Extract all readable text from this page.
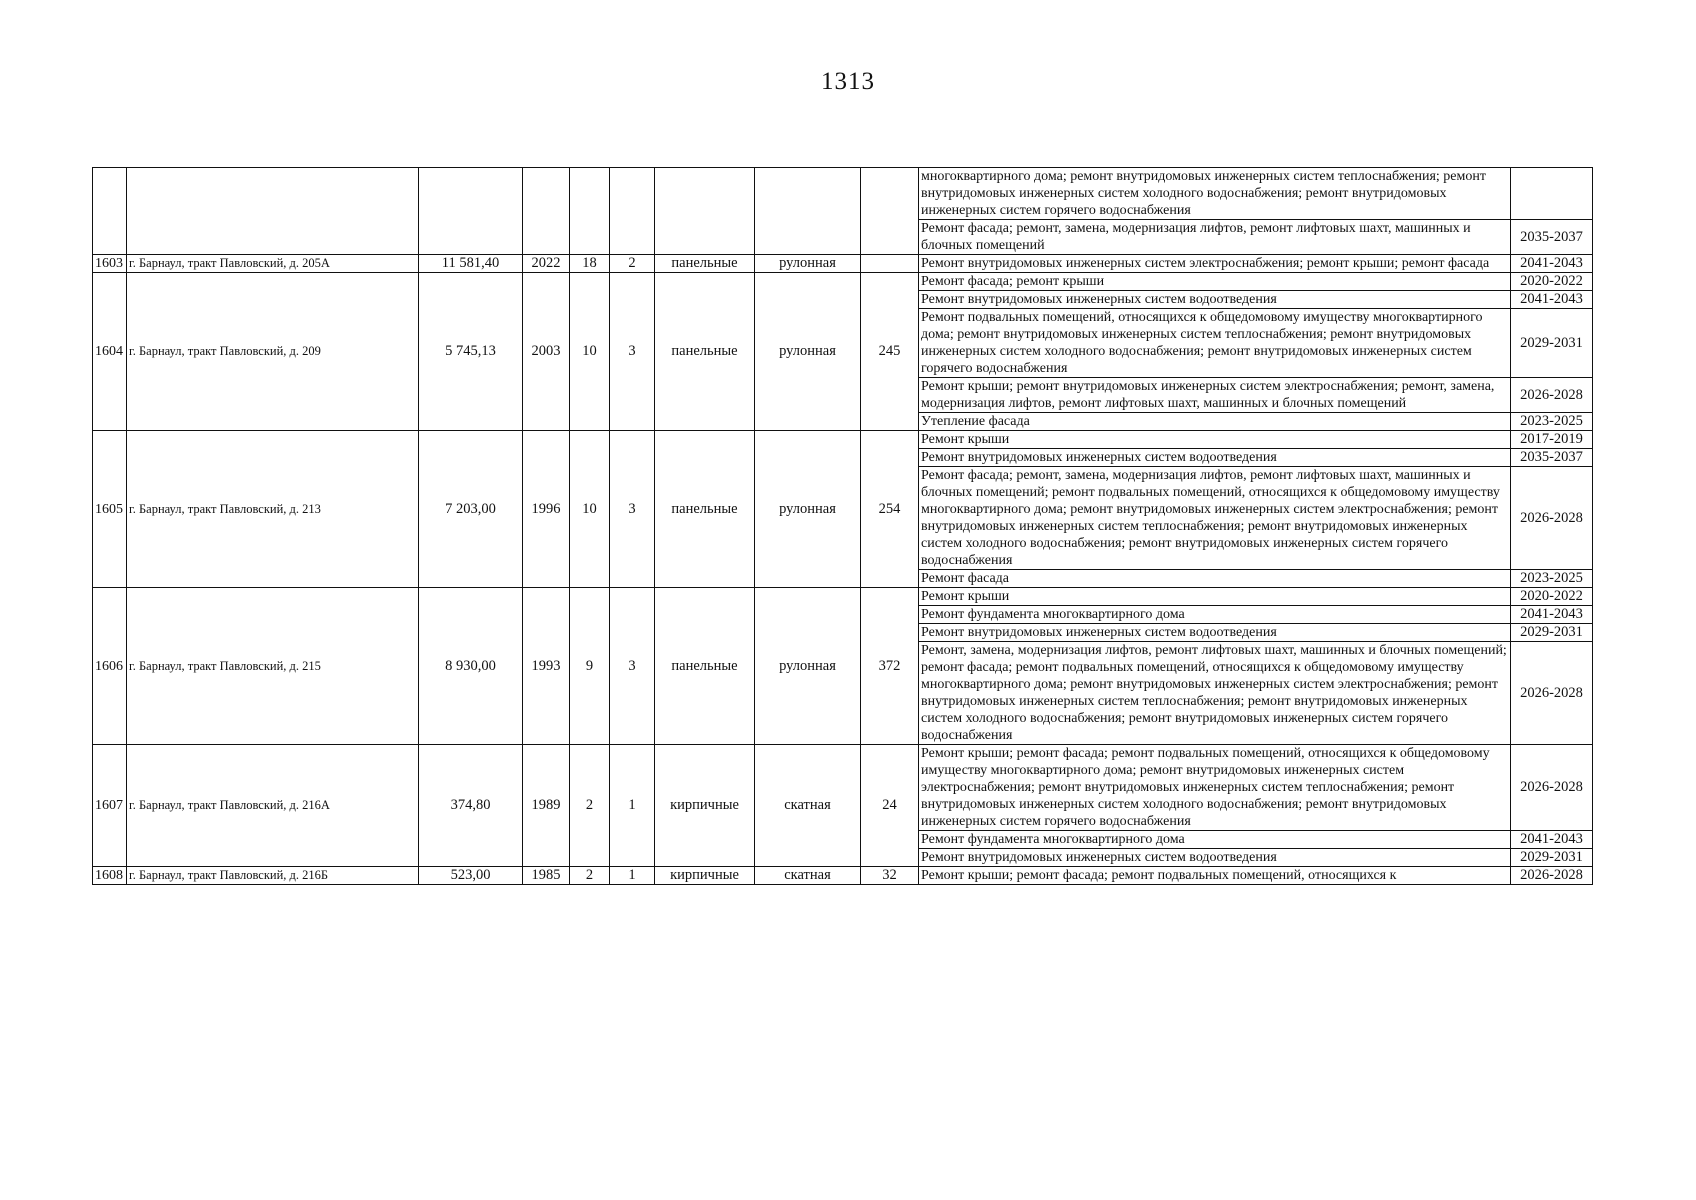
1313
									многоквартирного дома; ремонт внутридомовых инженерных систем теплоснабжения; ремонт внутридомовых инженерных систем холодного водоснабжения; ремонт внутридомовых инженерных систем горячего водоснабжения	
									Ремонт фасада; ремонт, замена, модернизация лифтов, ремонт лифтовых шахт, машинных и блочных помещений	2035-2037
1603	г. Барнаул, тракт Павловский, д. 205А	11 581,40	2022	18	2	панельные	рулонная		Ремонт внутридомовых инженерных систем электроснабжения; ремонт крыши; ремонт фасада	2041-2043
1604	г. Барнаул, тракт Павловский, д. 209	5 745,13	2003	10	3	панельные	рулонная	245	Ремонт фасада; ремонт крыши	2020-2022
									Ремонт внутридомовых инженерных систем водоотведения	2041-2043
									Ремонт подвальных помещений, относящихся к общедомовому имуществу многоквартирного дома; ремонт внутридомовых инженерных систем теплоснабжения; ремонт внутридомовых инженерных систем холодного водоснабжения; ремонт внутридомовых инженерных систем горячего водоснабжения	2029-2031
									Ремонт крыши; ремонт внутридомовых инженерных систем электроснабжения; ремонт, замена, модернизация лифтов, ремонт лифтовых шахт, машинных и блочных помещений	2026-2028
									Утепление фасада	2023-2025
1605	г. Барнаул, тракт Павловский, д. 213	7 203,00	1996	10	3	панельные	рулонная	254	Ремонт крыши	2017-2019
									Ремонт внутридомовых инженерных систем водоотведения	2035-2037
									Ремонт фасада; ремонт, замена, модернизация лифтов, ремонт лифтовых шахт, машинных и блочных помещений; ремонт подвальных помещений, относящихся к общедомовому имуществу многоквартирного дома; ремонт внутридомовых инженерных систем электроснабжения; ремонт внутридомовых инженерных систем теплоснабжения; ремонт внутридомовых инженерных систем холодного водоснабжения; ремонт внутридомовых инженерных систем горячего водоснабжения	2026-2028
									Ремонт фасада	2023-2025
1606	г. Барнаул, тракт Павловский, д. 215	8 930,00	1993	9	3	панельные	рулонная	372	Ремонт крыши	2020-2022
									Ремонт фундамента многоквартирного дома	2041-2043
									Ремонт внутридомовых инженерных систем водоотведения	2029-2031
									Ремонт, замена, модернизация лифтов, ремонт лифтовых шахт, машинных и блочных помещений; ремонт фасада; ремонт подвальных помещений, относящихся к общедомовому имуществу многоквартирного дома; ремонт внутридомовых инженерных систем электроснабжения; ремонт внутридомовых инженерных систем теплоснабжения; ремонт внутридомовых инженерных систем холодного водоснабжения; ремонт внутридомовых инженерных систем горячего водоснабжения	2026-2028
1607	г. Барнаул, тракт Павловский, д. 216А	374,80	1989	2	1	кирпичные	скатная	24	Ремонт крыши; ремонт фасада; ремонт подвальных помещений, относящихся к общедомовому имуществу многоквартирного дома; ремонт внутридомовых инженерных систем электроснабжения; ремонт внутридомовых инженерных систем теплоснабжения; ремонт внутридомовых инженерных систем холодного водоснабжения; ремонт внутридомовых инженерных систем горячего водоснабжения	2026-2028
									Ремонт фундамента многоквартирного дома	2041-2043
									Ремонт внутридомовых инженерных систем водоотведения	2029-2031
1608	г. Барнаул, тракт Павловский, д. 216Б	523,00	1985	2	1	кирпичные	скатная	32	Ремонт крыши; ремонт фасада; ремонт подвальных помещений, относящихся к	2026-2028
